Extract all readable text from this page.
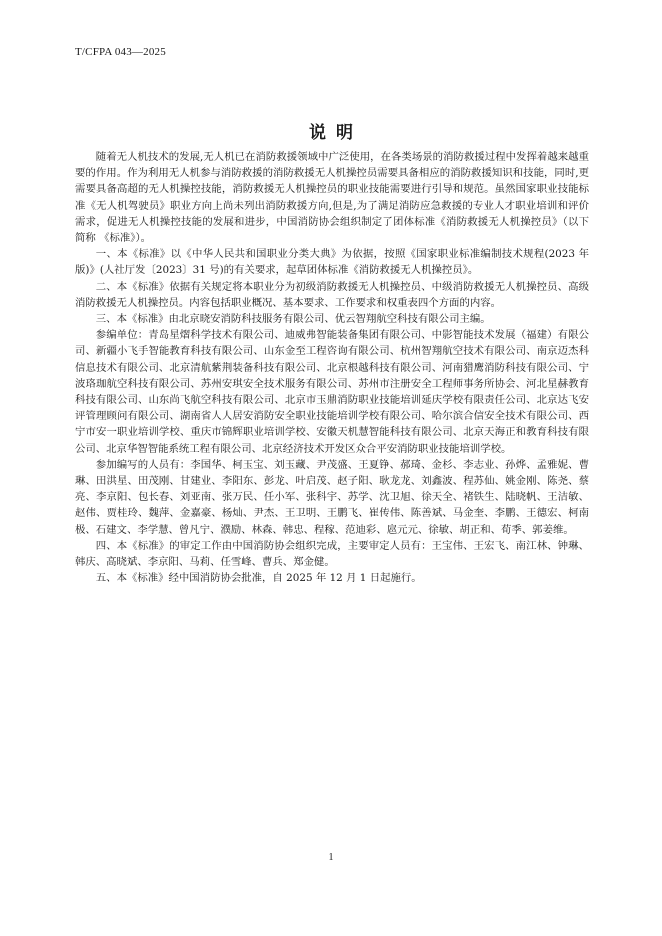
T/CFPA 043—2025
说明

随着无人机技术的发展,无人机已在消防救援领域中广泛使用，在各类场景的消防救援过程中发挥着越来越重要的作用。作为利用无人机参与消防救援的消防救援无人机操控员需要具备相应的消防救援知识和技能，同时,更需要具备高超的无人机操控技能，消防救援无人机操控员的职业技能需要进行引导和规范。虽然国家职业技能标准《无人机驾驶员》职业方向上尚未列出消防救援方向,但是,为了满足消防应急救援的专业人才职业培训和评价需求，促进无人机操控技能的发展和进步，中国消防协会组织制定了团体标准《消防救援无人机操控员》（以下简称 《标准》）。

一、本《标准》以《中华人民共和国职业分类大典》为依据，按照《国家职业标准编制技术规程(2023 年版)》(人社厅发〔2023〕31 号)的有关要求，起草团体标准《消防救援无人机操控员》。

二、本《标准》依据有关规定将本职业分为初级消防救援无人机操控员、中级消防救援无人机操控员、高级消防救援无人机操控员。内容包括职业概况、基本要求、工作要求和权重表四个方面的内容。

三、本《标准》由北京晓安消防科技服务有限公司、优云智翔航空科技有限公司主编。

参编单位：青岛星熠科学技术有限公司、迪威弗智能装备集团有限公司、中影智能技术发展（福建）有限公司、新疆小飞手智能教育科技有限公司、山东金至工程咨询有限公司、杭州智翔航空技术有限公司、南京迈杰科信息技术有限公司、北京清航紫荆装备科技有限公司、北京根越科技有限公司、河南猎鹰消防科技有限公司、宁波珞珈航空科技有限公司、苏州安琪安全技术服务有限公司、苏州市注册安全工程师事务所协会、河北星赫教育科技有限公司、山东尚飞航空科技有限公司、北京市玉鼎消防职业技能培训延庆学校有限责任公司、北京达飞安评管理顾问有限公司、湖南省人人居安消防安全职业技能培训学校有限公司、哈尔滨合信安全技术有限公司、西宁市安一职业培训学校、重庆市锦辉职业培训学校、安徽天机慧智能科技有限公司、北京天海正和教育科技有限公司、北京华智智能系统工程有限公司、北京经济技术开发区众合平安消防职业技能培训学校。

参加编写的人员有：李国华、柯玉宝、刘玉藏、尹茂盛、王夏铮、郝琦、金杉、李志业、孙烨、孟雅妮、曹琳、田洪星、田茂刚、甘建业、李阳东、彭龙、叶启茂、赵子阳、耿龙龙、刘鑫波、程苏仙、姚金刚、陈尧、蔡亮、李京阳、包长春、刘亚南、张万民、任小军、张科宇、苏学、沈卫旭、徐天全、褚铁生、陆晓帆、王洁敏、赵伟、贾桂玲、魏萍、金嘉豪、杨灿、尹杰、王卫明、王鹏飞、崔传伟、陈善斌、马金奎、李鹏、王德宏、柯南极、石建文、李学慧、曾凡宁、濮励、林森、韩忠、程稼、范迪彩、扈元元、徐敏、胡正和、荀季、郭姜维。

四、本《标准》的审定工作由中国消防协会组织完成，主要审定人员有：王宝伟、王宏飞、南江林、钟琳、韩庆、高晓斌、李京阳、马莉、任雪峰、曹兵、郑金健。

五、本《标准》经中国消防协会批准，自 2025 年 12 月 1 日起施行。

1
